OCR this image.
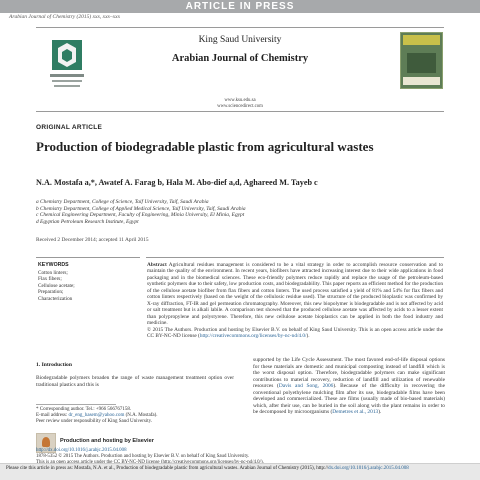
ARTICLE IN PRESS
Arabian Journal of Chemistry (2015) xxx, xxx–xxx
King Saud University
Arabian Journal of Chemistry
www.ksu.edu.sa
www.sciencedirect.com
ORIGINAL ARTICLE
Production of biodegradable plastic from agricultural wastes
N.A. Mostafa a,*, Awatef A. Farag b, Hala M. Abo-dief a,d, Aghareed M. Tayeb c
a Chemistry Department, College of Science, Taif University, Taif, Saudi Arabia
b Chemistry Department, College of Applied Medical Science, Taif University, Taif, Saudi Arabia
c Chemical Engineering Department, Faculty of Engineering, Minia University, El Minia, Egypt
d Egyptian Petroleum Research Institute, Egypt
Received 2 December 2014; accepted 11 April 2015
KEYWORDS
Cotton linters;
Flax fibers;
Cellulose acetate;
Preparation;
Characterization
Abstract Agricultural residues management is considered to be a vital strategy in order to accomplish resource conservation and to maintain the quality of the environment. In recent years, biofibers have attracted increasing interest due to their wide applications in food packaging and in the biomedical sciences. These eco-friendly polymers reduce rapidly and replace the usage of the petroleum-based synthetic polymers due to their safety, low production costs, and biodegradability. This paper reports an efficient method for the production of the cellulose acetate biofiber from flax fibers and cotton linters. The used process satisfied a yield of 81% and 54% for flax fibers and cotton linters respectively (based on the weight of the cellulosic residue used). The structure of the produced bioplastic was confirmed by X-ray diffraction, FT-IR and gel permeation chromatography. Moreover, this new biopolymer is biodegradable and is not affected by acid or salt treatment but is alkali labile. A comparison test showed that the produced cellulose acetate was affected by acids to a lesser extent than polypropylene and polystyrene. Therefore, this new cellulose acetate bioplastics can be applied in both the food industry and medicine.
© 2015 The Authors. Production and hosting by Elsevier B.V. on behalf of King Saud University. This is an open access article under the CC BY-NC-ND license (http://creativecommons.org/licenses/by-nc-nd/4.0/).
1. Introduction
Biodegradable polymers broaden the range of waste management treatment option over traditional plastics and this is
supported by the Life Cycle Assessment. The most favored end-of-life disposal options for these materials are domestic and municipal composting instead of landfill which is the worst disposal option. Therefore, biodegradable polymers can make significant contributions to material recovery, reduction of landfill and utilization of renewable resources (Davis and Song, 2006). Because of the difficulty in recovering the conventional polyethylene mulching film after its use, biodegradable films have been developed and commercialized. These are films (usually made of bio-based materials) which, after their use, can be buried in the soil along with the plant remains in order to be decomposed by microorganisms (Demetres et al., 2013).
* Corresponding author. Tel.: +966 566767158.
E-mail address: dr_eng_hasem@yahoo.com (N.A. Mostafa).
Peer review under responsibility of King Saud University.
Production and hosting by Elsevier
http://dx.doi.org/10.1016/j.arabjc.2015.04.008
1878-5352 © 2015 The Authors. Production and hosting by Elsevier B.V. on behalf of King Saud University.
Please cite this article in press as: Mostafa, N.A. et al., Production of biodegradable plastic from agricultural wastes. Arabian Journal of Chemistry (2015), http://dx.doi.org/10.1016/j.arabjc.2015.04.008
